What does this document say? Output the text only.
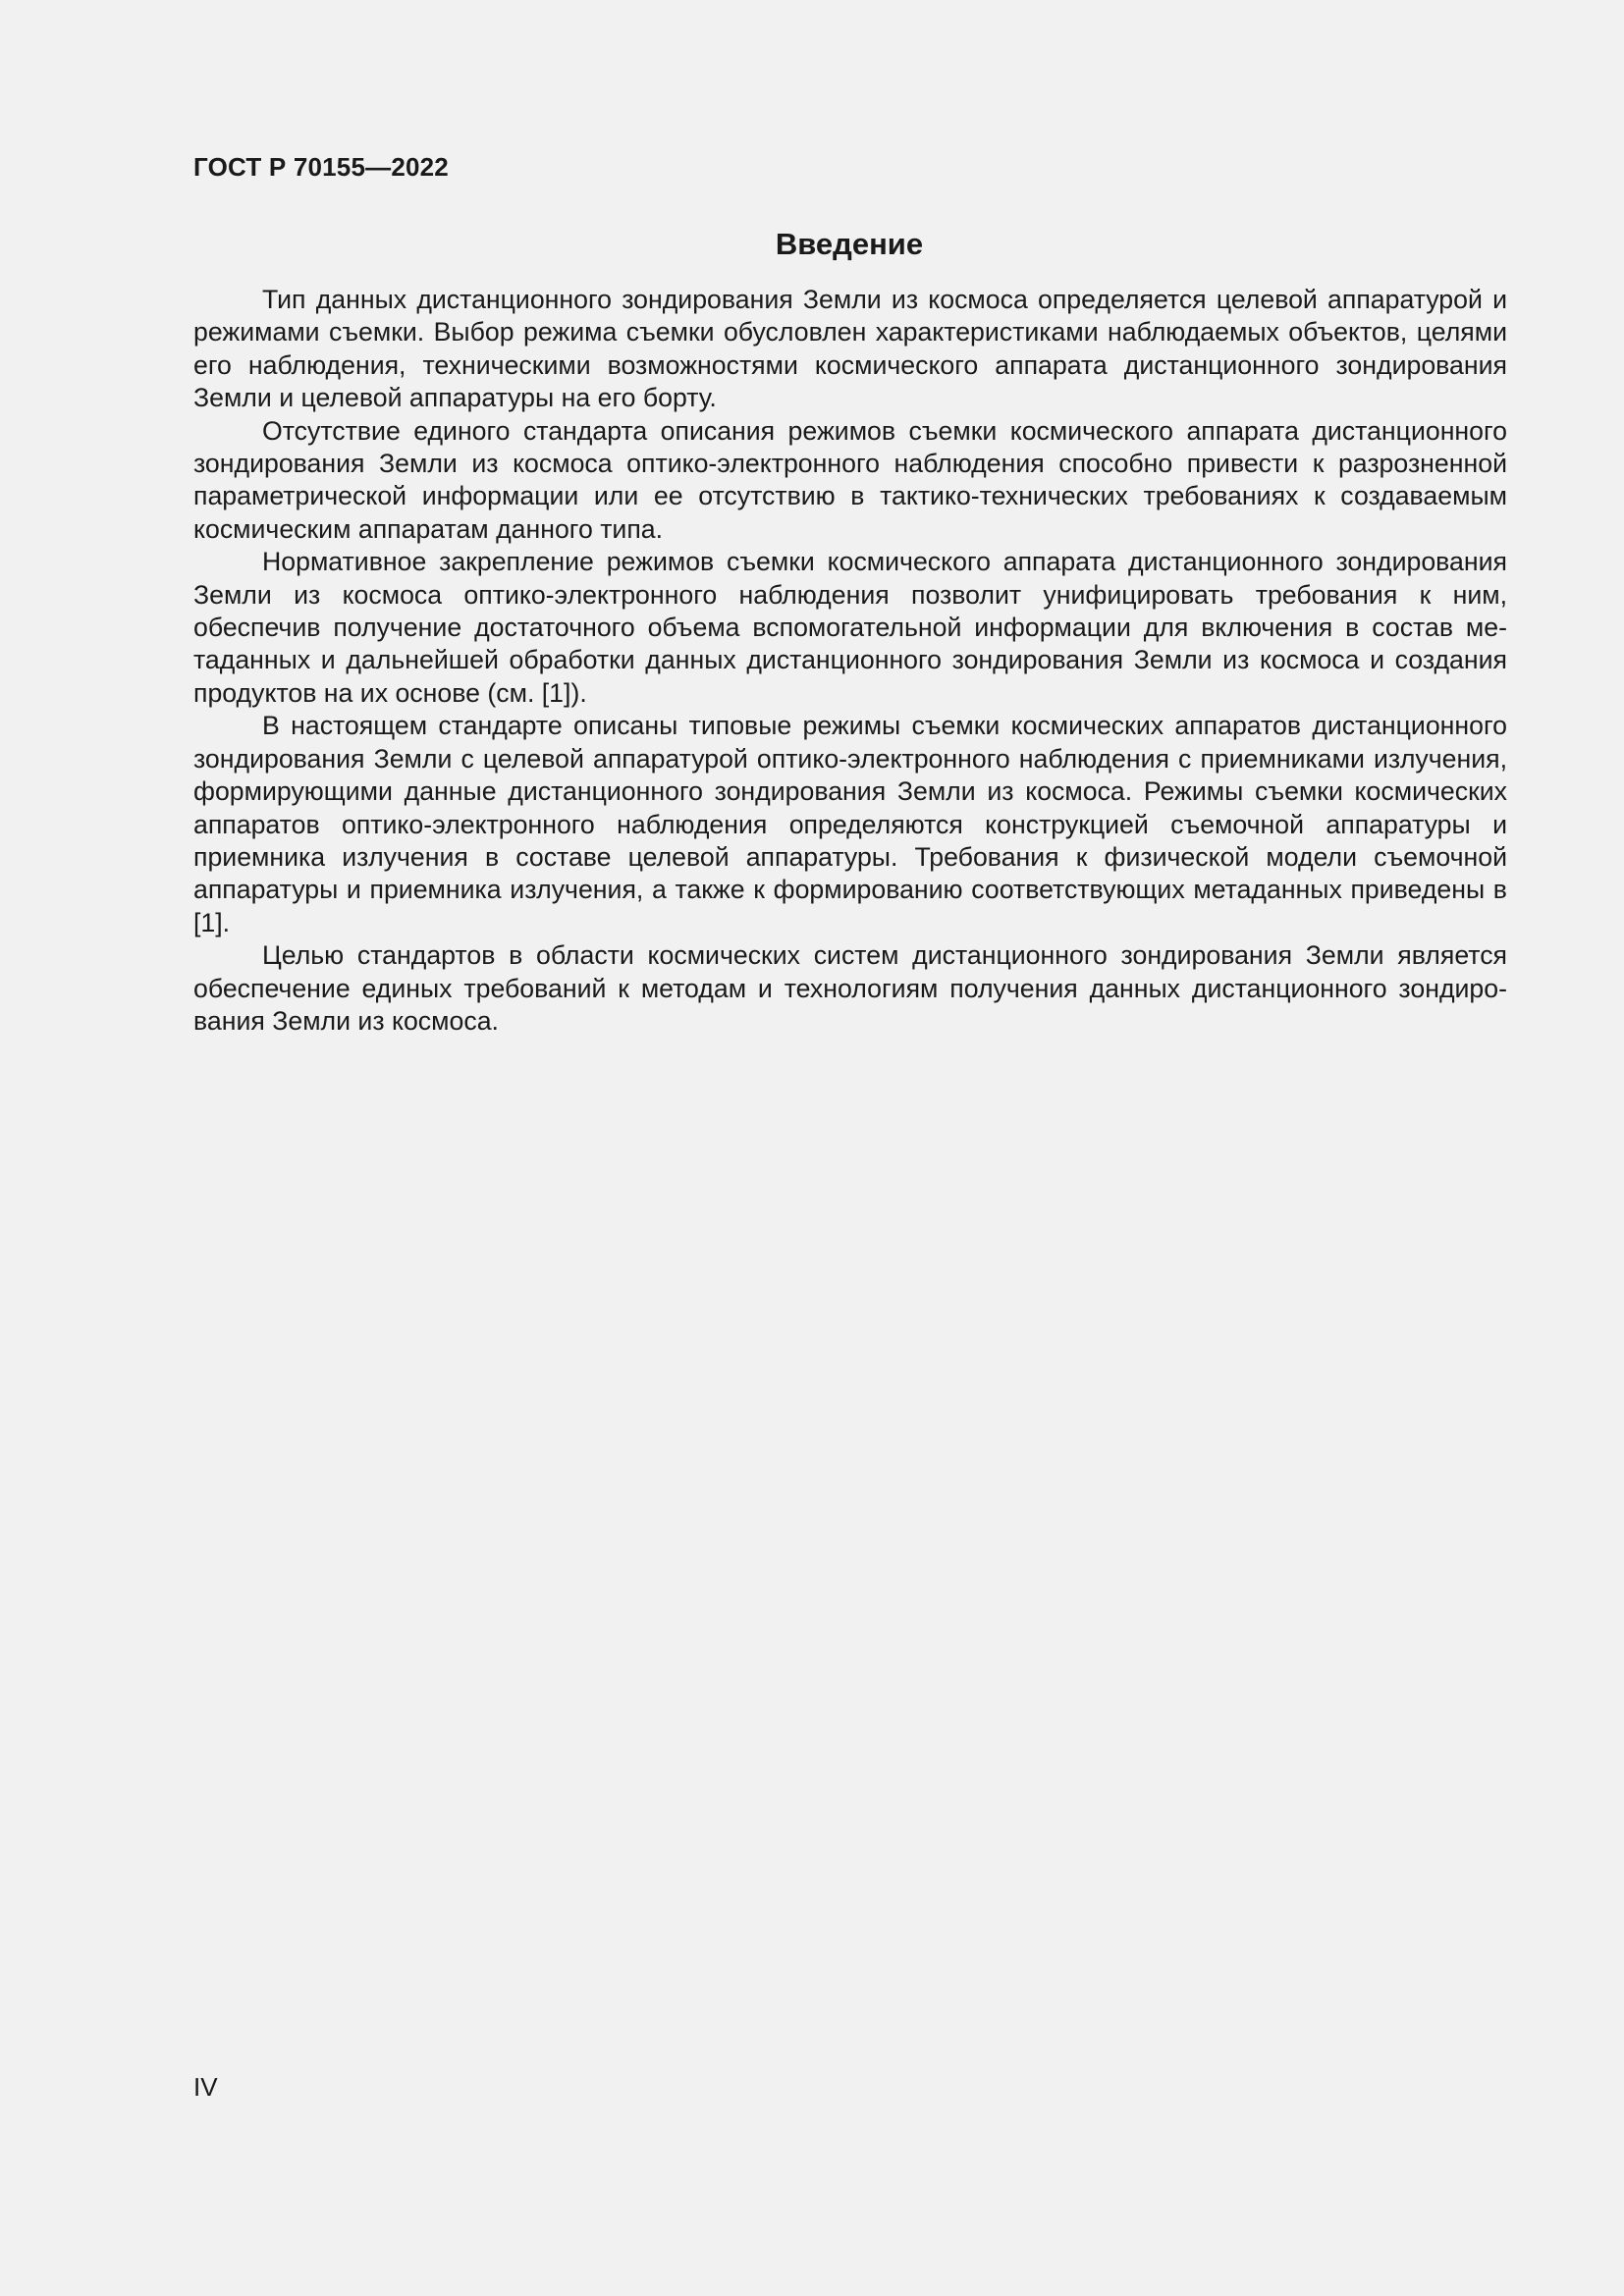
ГОСТ Р 70155—2022
Введение

Тип данных дистанционного зондирования Земли из космоса определяется целевой аппаратурой и режимами съемки. Выбор режима съемки обусловлен характеристиками наблюдаемых объектов, целями его наблюдения, техническими возможностями космического аппарата дистанционного зондирования Земли и целевой аппаратуры на его борту.

Отсутствие единого стандарта описания режимов съемки космического аппарата дистанционного зондирования Земли из космоса оптико-электронного наблюдения способно привести к разрозненной параметрической информации или ее отсутствию в тактико-технических требованиях к создаваемым космическим аппаратам данного типа.

Нормативное закрепление режимов съемки космического аппарата дистанционного зондирования Земли из космоса оптико-электронного наблюдения позволит унифицировать требования к ним, обеспечив получение достаточного объема вспомогательной информации для включения в состав метаданных и дальнейшей обработки данных дистанционного зондирования Земли из космоса и создания продуктов на их основе (см. [1]).

В настоящем стандарте описаны типовые режимы съемки космических аппаратов дистанционного зондирования Земли с целевой аппаратурой оптико-электронного наблюдения с приемниками излучения, формирующими данные дистанционного зондирования Земли из космоса. Режимы съемки космических аппаратов оптико-электронного наблюдения определяются конструкцией съемочной аппаратуры и приемника излучения в составе целевой аппаратуры. Требования к физической модели съемочной аппаратуры и приемника излучения, а также к формированию соответствующих метаданных приведены в [1].

Целью стандартов в области космических систем дистанционного зондирования Земли является обеспечение единых требований к методам и технологиям получения данных дистанционного зондирования Земли из космоса.

IV
